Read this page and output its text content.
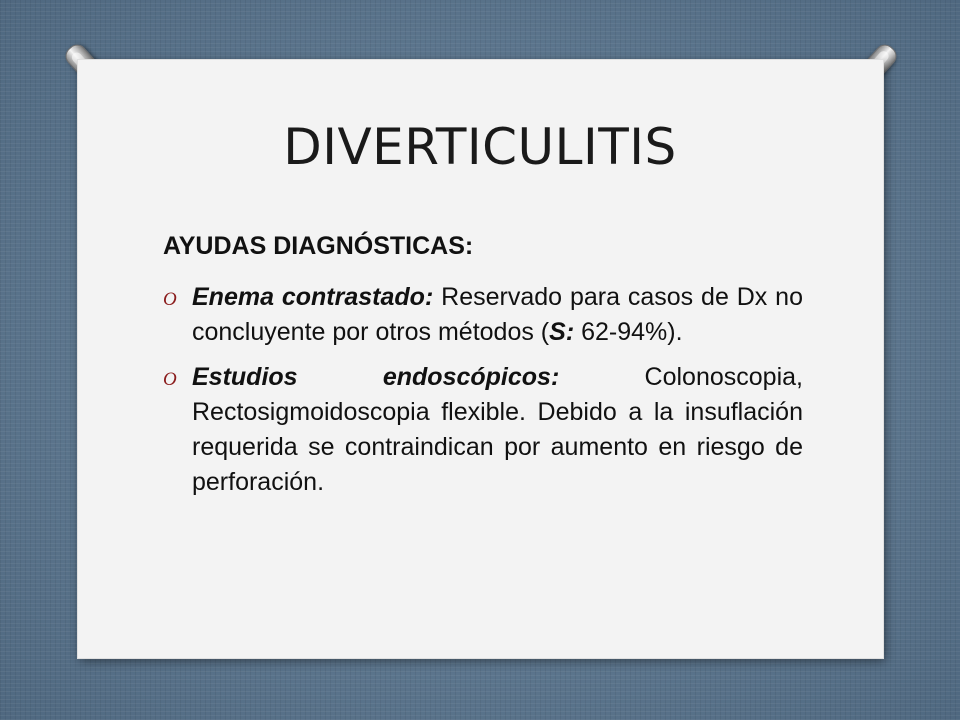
DIVERTICULITIS

AYUDAS DIAGNÓSTICAS:

O Enema contrastado: Reservado para casos de Dx no concluyente por otros métodos (S: 62-94%).
O Estudios endoscópicos: Colonoscopia, Rectosigmoidoscopia flexible. Debido a la insuflación requerida se contraindican por aumento en riesgo de perforación.
